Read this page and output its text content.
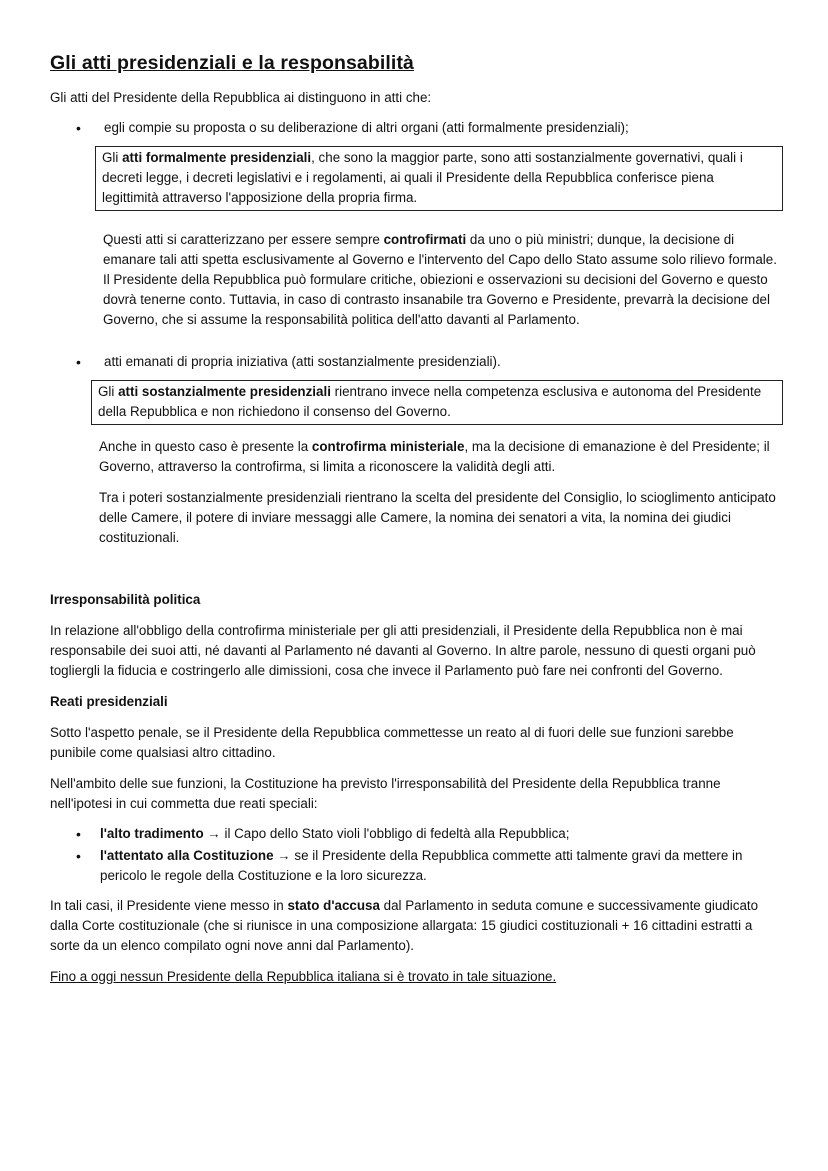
Gli atti presidenziali e la responsabilità

Gli atti del Presidente della Repubblica ai distinguono in atti che:

• egli compie su proposta o su deliberazione di altri organi (atti formalmente presidenziali);
Gli atti formalmente presidenziali, che sono la maggior parte, sono atti sostanzialmente governativi, quali i decreti legge, i decreti legislativi e i regolamenti, ai quali il Presidente della Repubblica conferisce piena legittimità attraverso l'apposizione della propria firma.

Questi atti si caratterizzano per essere sempre controfirmati da uno o più ministri; dunque, la decisione di emanare tali atti spetta esclusivamente al Governo e l'intervento del Capo dello Stato assume solo rilievo formale.

Il Presidente della Repubblica può formulare critiche, obiezioni e osservazioni su decisioni del Governo e questo dovrà tenerne conto. Tuttavia, in caso di contrasto insanabile tra Governo e Presidente, prevarrà la decisione del Governo, che si assume la responsabilità politica dell'atto davanti al Parlamento.

• atti emanati di propria iniziativa (atti sostanzialmente presidenziali).
Gli atti sostanzialmente presidenziali rientrano invece nella competenza esclusiva e autonoma del Presidente della Repubblica e non richiedono il consenso del Governo.

Anche in questo caso è presente la controfirma ministeriale, ma la decisione di emanazione è del Presidente; il Governo, attraverso la controfirma, si limita a riconoscere la validità degli atti.

Tra i poteri sostanzialmente presidenziali rientrano la scelta del presidente del Consiglio, lo scioglimento anticipato delle Camere, il potere di inviare messaggi alle Camere, la nomina dei senatori a vita, la nomina dei giudici costituzionali.

Irresponsabilità politica

In relazione all'obbligo della controfirma ministeriale per gli atti presidenziali, il Presidente della Repubblica non è mai responsabile dei suoi atti, né davanti al Parlamento né davanti al Governo. In altre parole, nessuno di questi organi può togliergli la fiducia e costringerlo alle dimissioni, cosa che invece il Parlamento può fare nei confronti del Governo.

Reati presidenziali

Sotto l'aspetto penale, se il Presidente della Repubblica commettesse un reato al di fuori delle sue funzioni sarebbe punibile come qualsiasi altro cittadino.

Nell'ambito delle sue funzioni, la Costituzione ha previsto l'irresponsabilità del Presidente della Repubblica tranne nell'ipotesi in cui commetta due reati speciali:

• l'alto tradimento → il Capo dello Stato violi l'obbligo di fedeltà alla Repubblica;
• l'attentato alla Costituzione → se il Presidente della Repubblica commette atti talmente gravi da mettere in pericolo le regole della Costituzione e la loro sicurezza.

In tali casi, il Presidente viene messo in stato d'accusa dal Parlamento in seduta comune e successivamente giudicato dalla Corte costituzionale (che si riunisce in una composizione allargata: 15 giudici costituzionali + 16 cittadini estratti a sorte da un elenco compilato ogni nove anni dal Parlamento).

Fino a oggi nessun Presidente della Repubblica italiana si è trovato in tale situazione.
